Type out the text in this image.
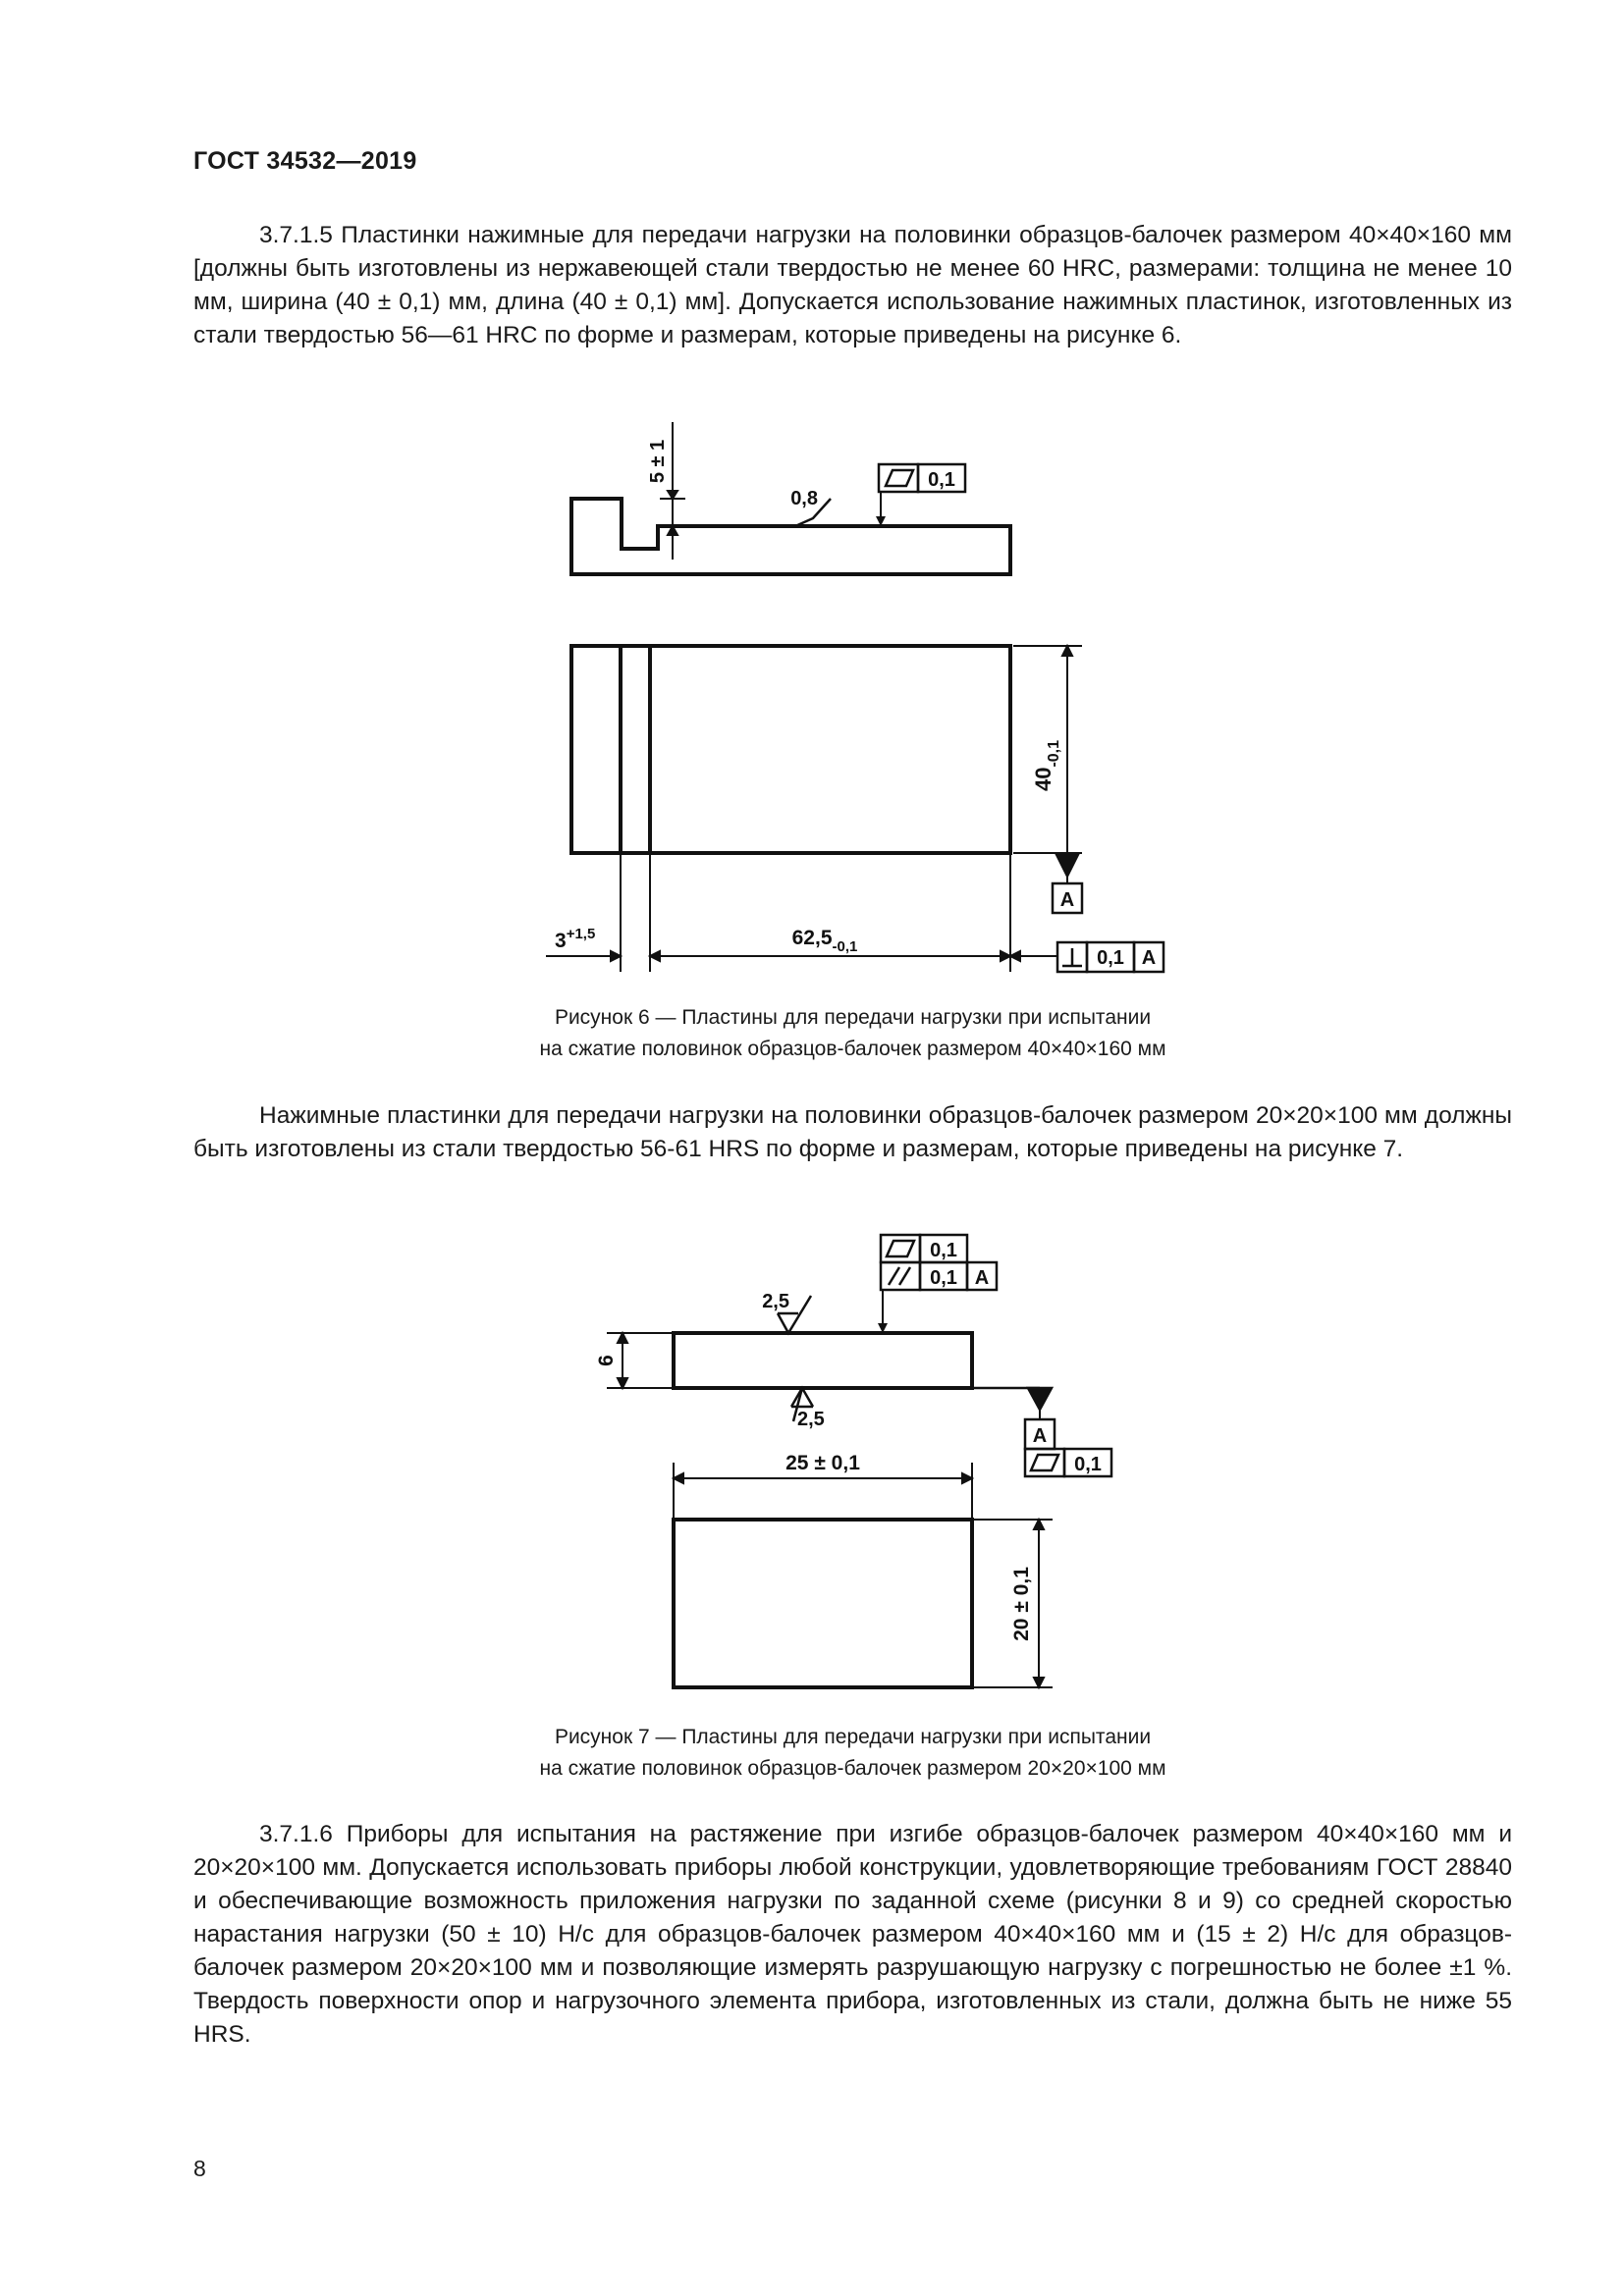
ГОСТ 34532—2019

3.7.1.5 Пластинки нажимные для передачи нагрузки на половинки образцов-балочек размером 40×40×160 мм [должны быть изготовлены из нержавеющей стали твердостью не менее 60 HRC, размерами: толщина не менее 10 мм, ширина (40 ± 0,1) мм, длина (40 ± 0,1) мм]. Допускается использование нажимных пластинок, изготовленных из стали твердостью 56—61 HRC по форме и размерам, которые приведены на рисунке 6.

5 ± 1
0,8
0,1
$40_{-0,1}$
A
$3^{+1,5}$	$62,5_{-0,1}$
0,1 A
Рисунок 6 — Пластины для передачи нагрузки при испытании
на сжатие половинок образцов-балочек размером 40×40×160 мм

Нажимные пластинки для передачи нагрузки на половинки образцов-балочек размером 20×20×100 мм должны быть изготовлены из стали твердостью 56-61 HRS по форме и размерам, которые приведены на рисунке 7.

0,1
0,1 A
2,5
6
2,5
A
0,1
25 ± 0,1
20 ± 0,1
Рисунок 7 — Пластины для передачи нагрузки при испытании
на сжатие половинок образцов-балочек размером 20×20×100 мм

3.7.1.6 Приборы для испытания на растяжение при изгибе образцов-балочек размером 40×40×160 мм и 20×20×100 мм. Допускается использовать приборы любой конструкции, удовлетворяющие требованиям ГОСТ 28840 и обеспечивающие возможность приложения нагрузки по заданной схеме (рисунки 8 и 9) со средней скоростью нарастания нагрузки (50 ± 10) Н/с для образцов-балочек размером 40×40×160 мм и (15 ± 2) Н/с для образцов-балочек размером 20×20×100 мм и позволяющие измерять разрушающую нагрузку с погрешностью не более ±1 %. Твердость поверхности опор и нагрузочного элемента прибора, изготовленных из стали, должна быть не ниже 55 HRS.

8
